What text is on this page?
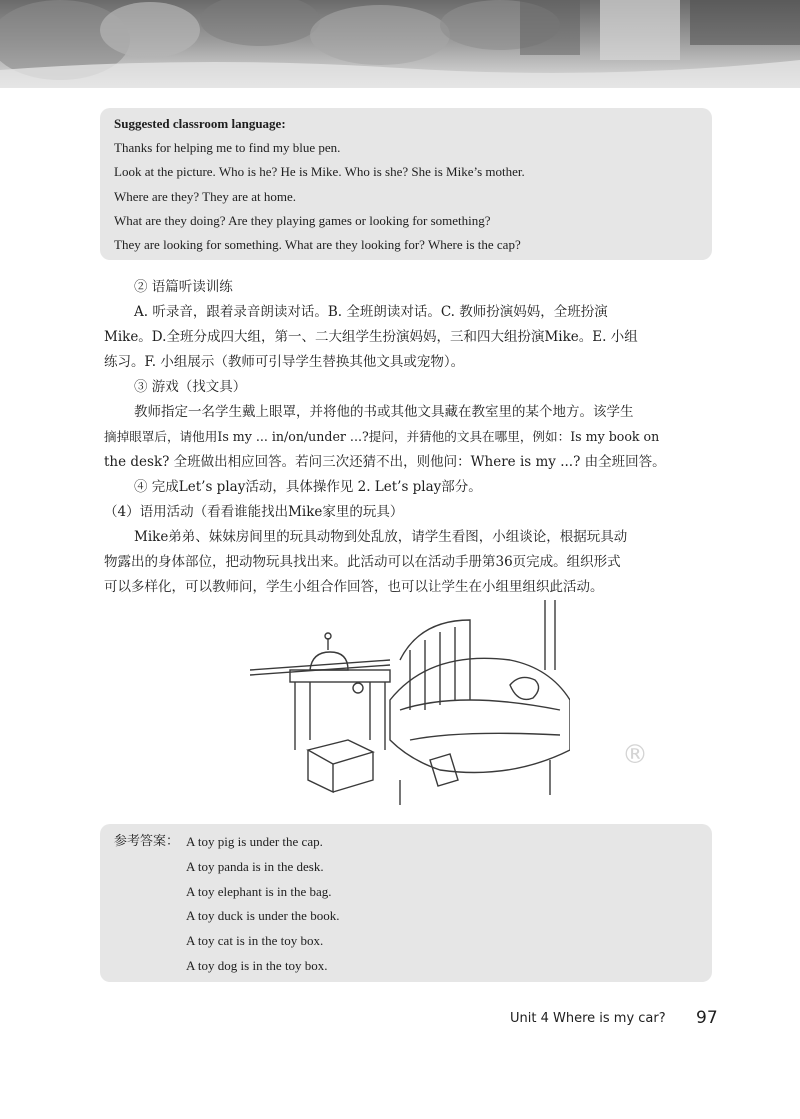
Suggested classroom language:
Thanks for helping me to find my blue pen.
Look at the picture. Who is he? He is Mike. Who is she? She is Mike’s mother.
Where are they? They are at home.
What are they doing? Are they playing games or looking for something?
They are looking for something. What are they looking for? Where is the cap?
② 语篇听读训练
A. 听录音，跟着录音朗读对话。B. 全班朗读对话。C. 教师扮演妈妈，全班扮演
Mike。D.全班分成四大组，第一、二大组学生扮演妈妈，三和四大组扮演Mike。E. 小组
练习。F. 小组展示（教师可引导学生替换其他文具或宠物）。
③ 游戏（找文具）
教师指定一名学生戴上眼罩，并将他的书或其他文具藏在教室里的某个地方。该学生
摘掉眼罩后，请他用Is my ... in/on/under ...?提问，并猜他的文具在哪里，例如：Is my book on
the desk? 全班做出相应回答。若问三次还猜不出，则他问：Where is my ...? 由全班回答。
④ 完成Let’s play活动，具体操作见 2. Let’s play部分。
（4）语用活动（看看谁能找出Mike家里的玩具）
Mike弟弟、妹妹房间里的玩具动物到处乱放，请学生看图，小组谈论，根据玩具动
物露出的身体部位，把动物玩具找出来。此活动可以在活动手册第36页完成。组织形式
可以多样化，可以教师问，学生小组合作回答，也可以让学生在小组里组织此活动。
®
参考答案： A toy pig is under the cap.
A toy panda is in the desk.
A toy elephant is in the bag.
A toy duck is under the book.
A toy cat is in the toy box.
A toy dog is in the toy box.
Unit 4 Where is my car? 97
